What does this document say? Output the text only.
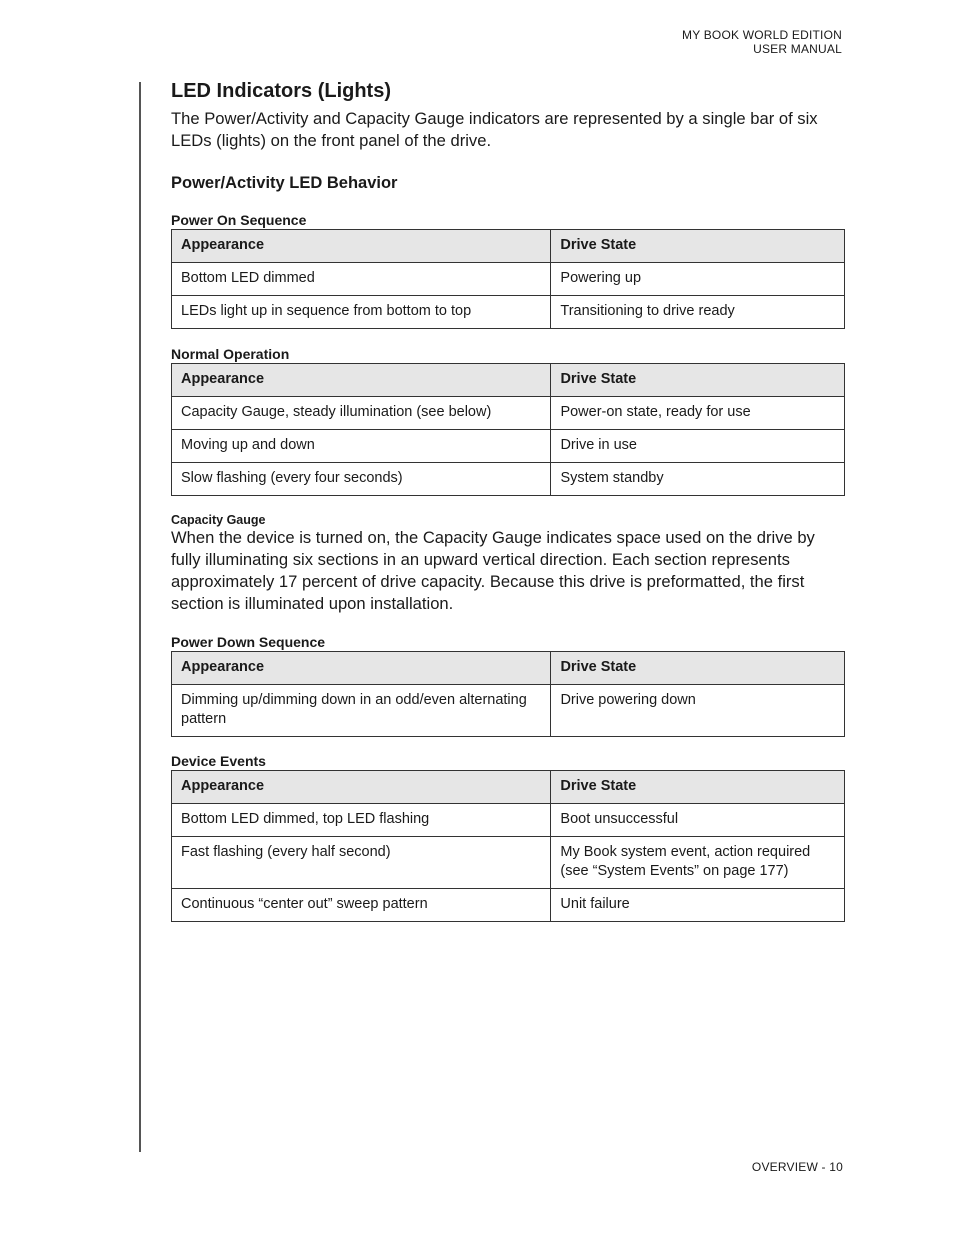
MY BOOK WORLD EDITION
USER MANUAL
LED Indicators (Lights)

The Power/Activity and Capacity Gauge indicators are represented by a single bar of six LEDs (lights) on the front panel of the drive.

Power/Activity LED Behavior
Power On Sequence
Appearance	Drive State
Bottom LED dimmed	Powering up
LEDs light up in sequence from bottom to top	Transitioning to drive ready
Normal Operation
Appearance	Drive State
Capacity Gauge, steady illumination (see below)	Power-on state, ready for use
Moving up and down	Drive in use
Slow flashing (every four seconds)	System standby
Capacity Gauge

When the device is turned on, the Capacity Gauge indicates space used on the drive by fully illuminating six sections in an upward vertical direction. Each section represents approximately 17 percent of drive capacity. Because this drive is preformatted, the first section is illuminated upon installation.

Power Down Sequence
Appearance	Drive State
Dimming up/dimming down in an odd/even alternating pattern	Drive powering down
Device Events
Appearance	Drive State
Bottom LED dimmed, top LED flashing	Boot unsuccessful
Fast flashing (every half second)	My Book system event, action required (see “System Events” on page 177)
Continuous “center out” sweep pattern	Unit failure
OVERVIEW - 10
